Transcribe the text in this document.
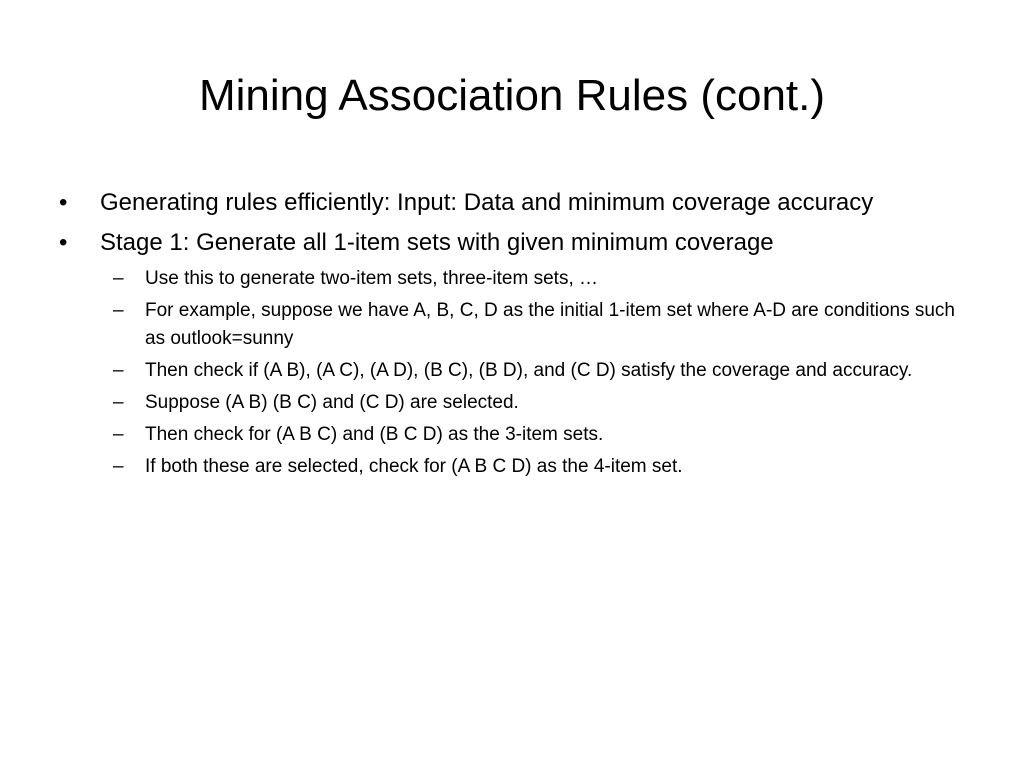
Mining Association Rules (cont.)
• Generating rules efficiently: Input: Data and minimum coverage accuracy
• Stage 1: Generate all 1-item sets with given minimum coverage
– Use this to generate two-item sets, three-item sets, …
– For example, suppose we have A, B, C, D as the initial 1-item set where A-D are conditions such as outlook=sunny
– Then check if (A B), (A C), (A D), (B C), (B D), and (C D) satisfy the coverage and accuracy.
– Suppose (A B) (B C) and (C D) are selected.
– Then check for (A B C) and (B C D) as the 3-item sets.
– If both these are selected, check for (A B C D) as the 4-item set.
